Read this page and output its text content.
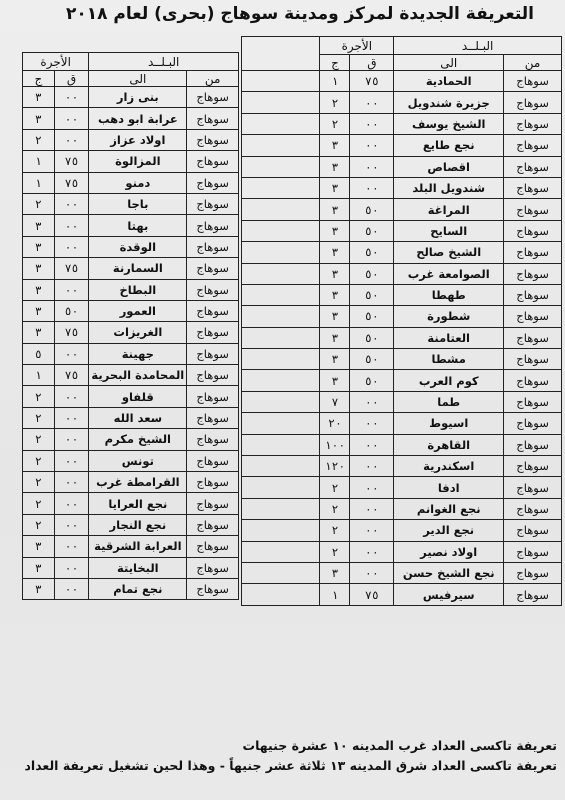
التعريفة الجديدة لمركز ومدينة سوهاج (بحرى) لعام ٢٠١٨
البـلــد		الأجرة		
من	الى	ق	ج	
سوهاج	الحمادية	٧٥	١	
سوهاج	جزيرة شندويل	٠٠	٢	
سوهاج	الشيخ يوسف	٠٠	٢	
سوهاج	نجع طايع	٠٠	٣	
سوهاج	اقصاص	٠٠	٣	
سوهاج	شندويل البلد	٠٠	٣	
سوهاج	المراغة	٥٠	٣	
سوهاج	السايح	٥٠	٣	
سوهاج	الشيخ صالح	٥٠	٣	
سوهاج	الصوامعة غرب	٥٠	٣	
سوهاج	طهطا	٥٠	٣	
سوهاج	شطورة	٥٠	٣	
سوهاج	العتامنة	٥٠	٣	
سوهاج	مشطا	٥٠	٣	
سوهاج	كوم العرب	٥٠	٣	
سوهاج	طما	٠٠	٧	
سوهاج	اسيوط	٠٠	٢٠	
سوهاج	القاهرة	٠٠	١٠٠	
سوهاج	اسكندرية	٠٠	١٢٠	
سوهاج	ادفا	٠٠	٢	
سوهاج	نجع الغوانم	٠٠	٢	
سوهاج	نجع الدير	٠٠	٢	
سوهاج	اولاد نصير	٠٠	٢	
سوهاج	نجع الشيخ حسن	٠٠	٣	
سوهاج	سيرفيس	٧٥	١	
البـلــد		الأجرة	
من	الى	ق	ج
سوهاج	بنى زار	٠٠	٣
سوهاج	عرابة ابو دهب	٠٠	٣
سوهاج	اولاد عزاز	٠٠	٢
سوهاج	المزالوة	٧٥	١
سوهاج	دمنو	٧٥	١
سوهاج	باجا	٠٠	٢
سوهاج	بهتا	٠٠	٣
سوهاج	الوقدة	٠٠	٣
سوهاج	السمارنة	٧٥	٣
سوهاج	البطاخ	٠٠	٣
سوهاج	العمور	٥٠	٣
سوهاج	الغريزات	٧٥	٣
سوهاج	جهينة	٠٠	٥
سوهاج	المحامدة البحرية	٧٥	١
سوهاج	قلفاو	٠٠	٢
سوهاج	سعد الله	٠٠	٢
سوهاج	الشيخ مكرم	٠٠	٢
سوهاج	تونس	٠٠	٢
سوهاج	القرامطة غرب	٠٠	٢
سوهاج	نجع العرايا	٠٠	٢
سوهاج	نجع النجار	٠٠	٢
سوهاج	العرابة الشرقية	٠٠	٣
سوهاج	البخايتة	٠٠	٣
سوهاج	نجع تمام	٠٠	٣
تعريفة تاكسى العداد غرب المدينه ١٠ عشرة جنيهات
تعريفة تاكسى العداد شرق المدينه ١٣ ثلاثة عشر جنيهاً - وهذا لحين تشغيل تعريفة العداد
